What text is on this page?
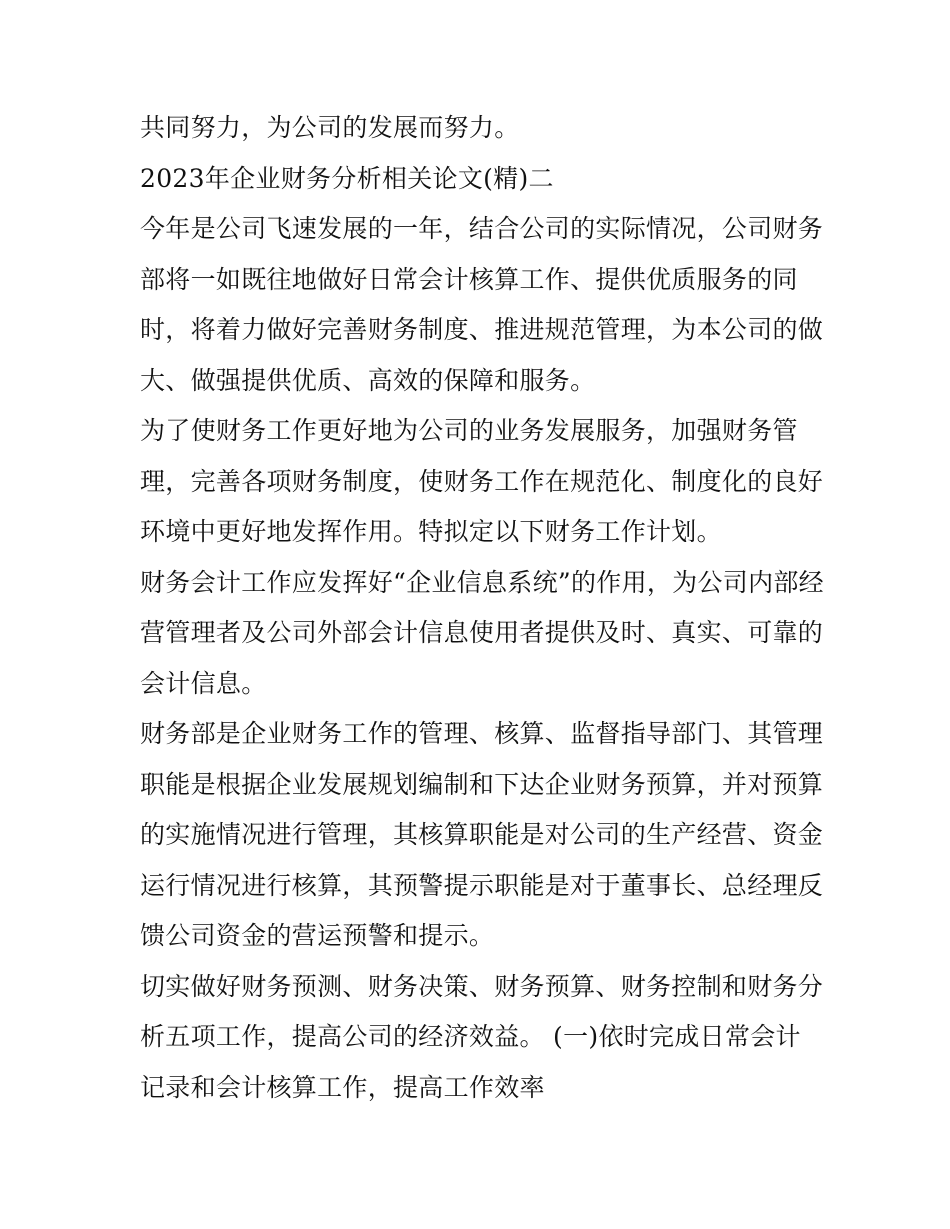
共同努力，为公司的发展而努力。
2023年企业财务分析相关论文(精)二
今年是公司飞速发展的一年，结合公司的实际情况，公司财务
部将一如既往地做好日常会计核算工作、提供优质服务的同
时，将着力做好完善财务制度、推进规范管理，为本公司的做
大、做强提供优质、高效的保障和服务。
为了使财务工作更好地为公司的业务发展服务，加强财务管
理，完善各项财务制度，使财务工作在规范化、制度化的良好
环境中更好地发挥作用。特拟定以下财务工作计划。
财务会计工作应发挥好“企业信息系统”的作用，为公司内部经
营管理者及公司外部会计信息使用者提供及时、真实、可靠的
会计信息。
财务部是企业财务工作的管理、核算、监督指导部门、其管理
职能是根据企业发展规划编制和下达企业财务预算，并对预算
的实施情况进行管理，其核算职能是对公司的生产经营、资金
运行情况进行核算，其预警提示职能是对于董事长、总经理反
馈公司资金的营运预警和提示。
切实做好财务预测、财务决策、财务预算、财务控制和财务分
析五项工作，提高公司的经济效益。 (一)依时完成日常会计
记录和会计核算工作，提高工作效率
